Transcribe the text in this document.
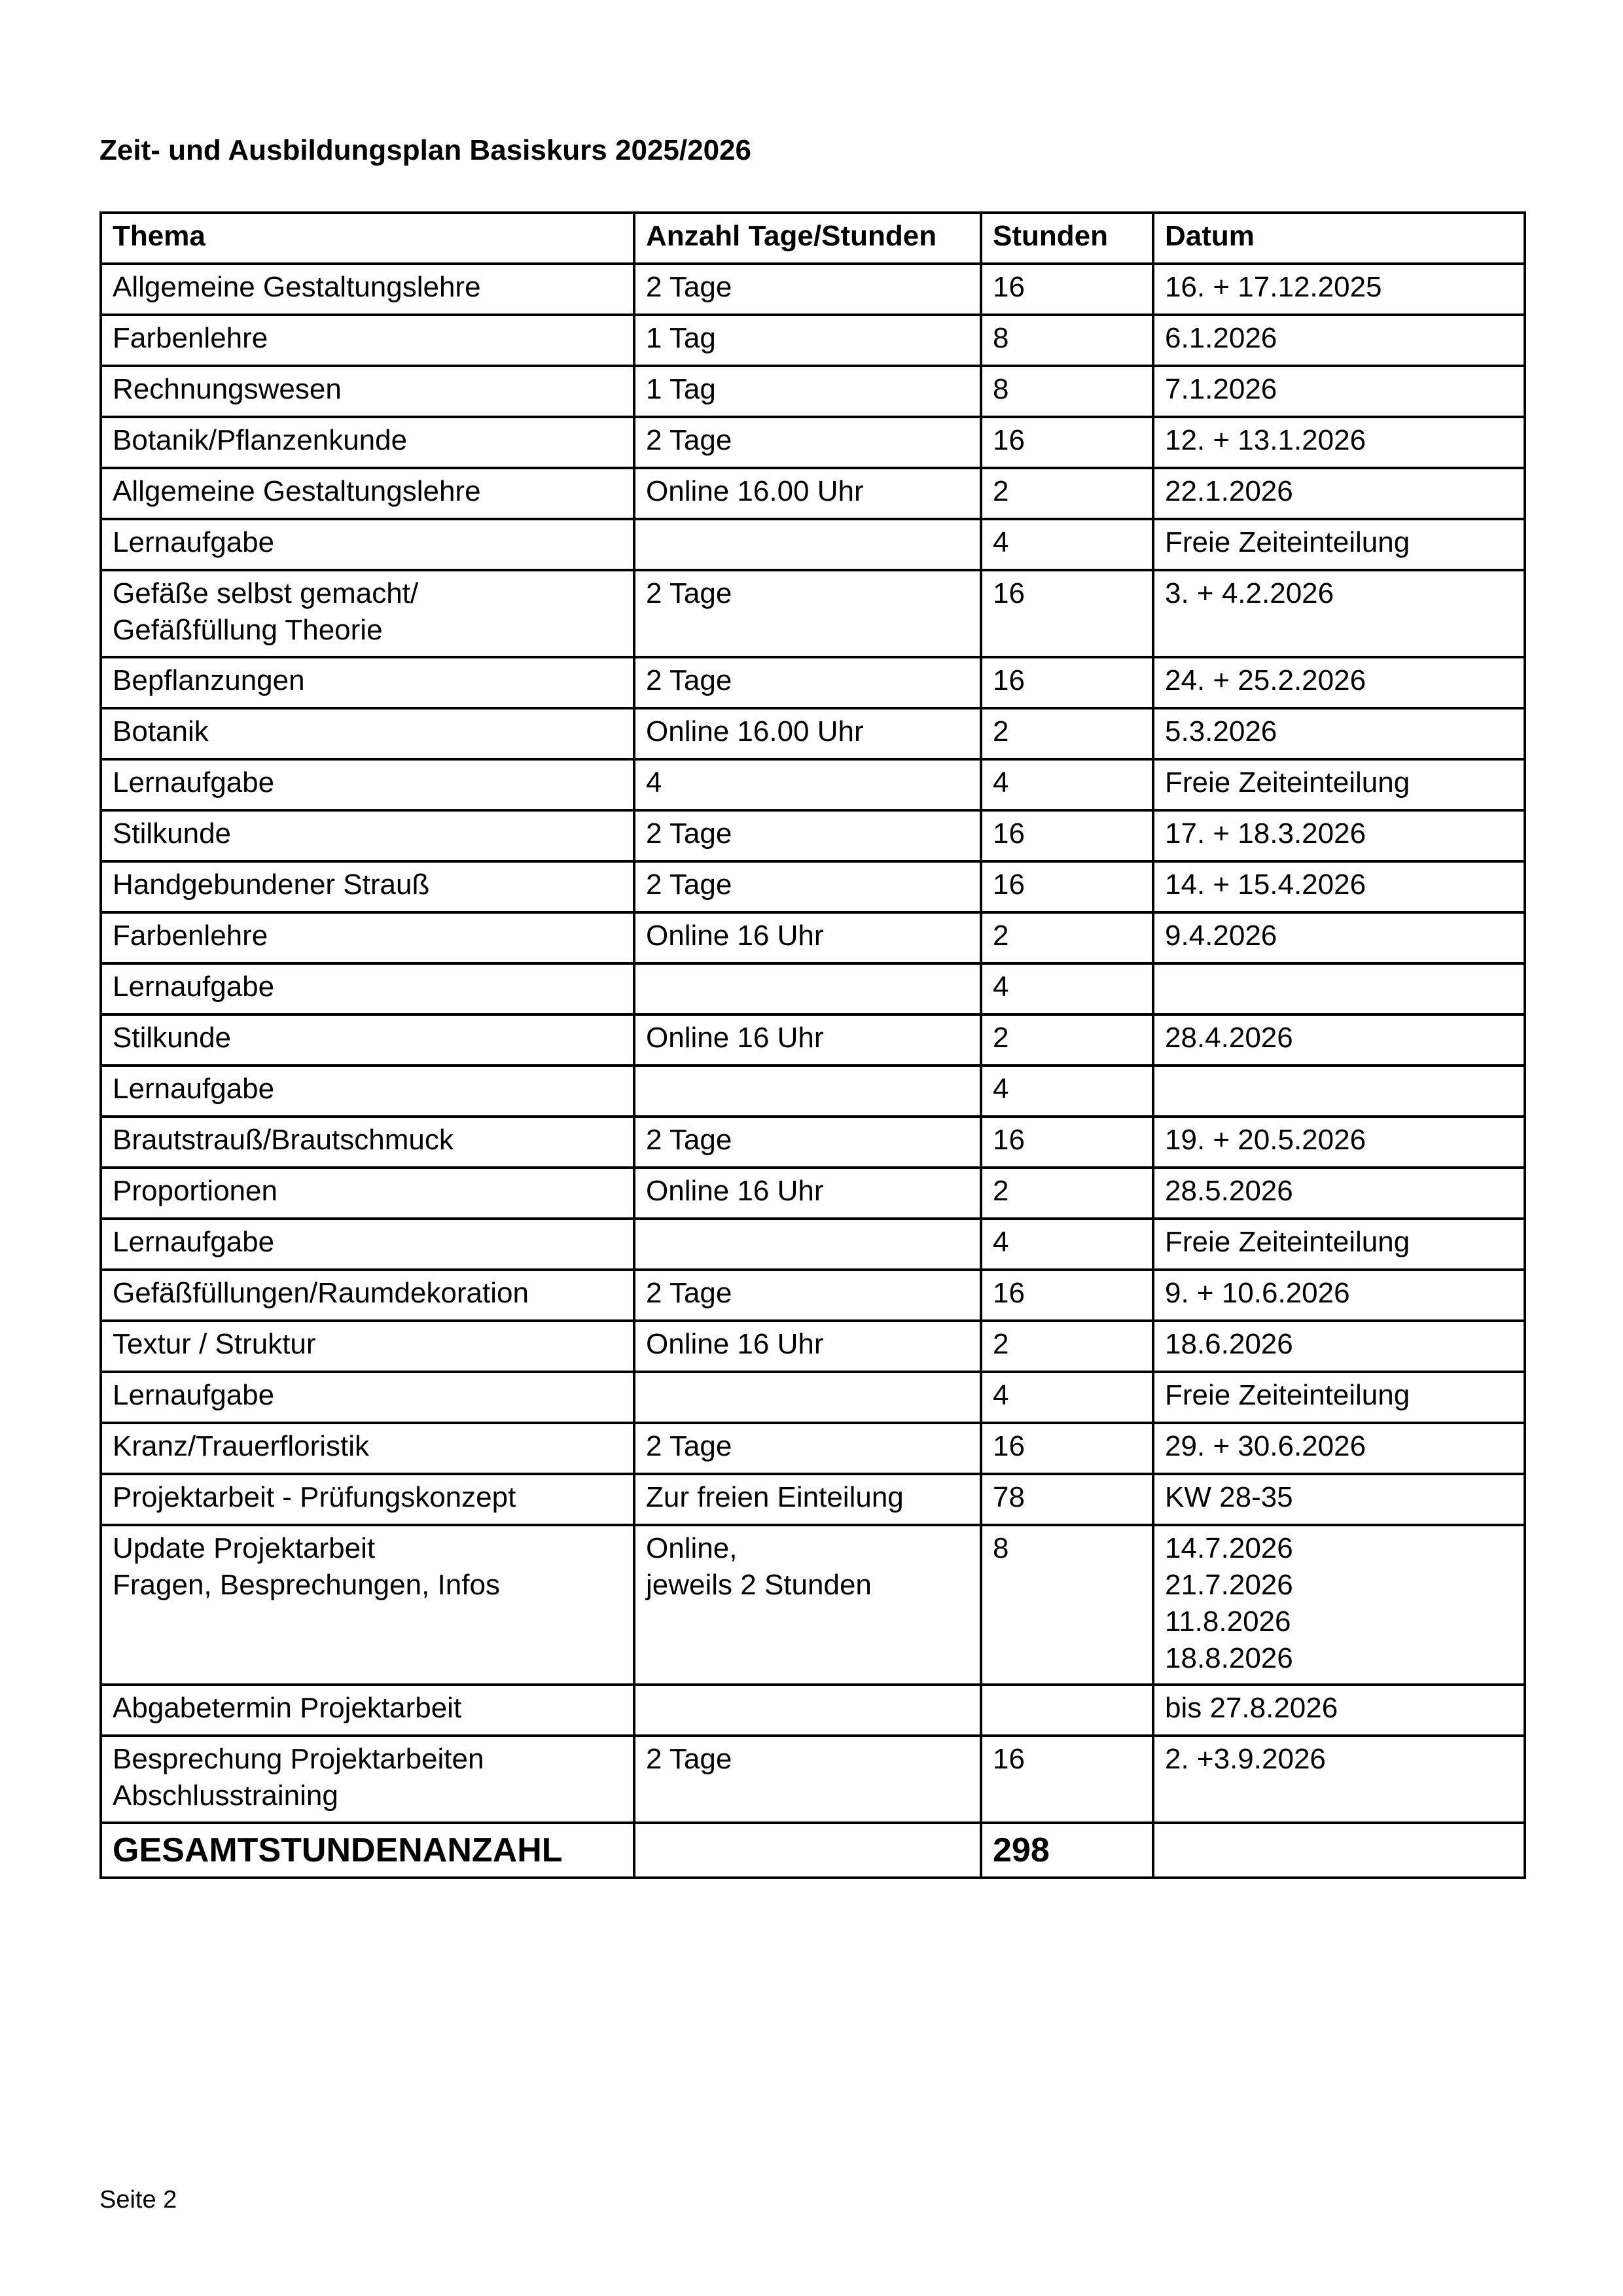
Zeit- und Ausbildungsplan Basiskurs 2025/2026
Thema	Anzahl Tage/Stunden	Stunden	Datum

Allgemeine Gestaltungslehre	2 Tage	16	16. + 17.12.2025

Farbenlehre	1 Tag	8	6.1.2026

Rechnungswesen	1 Tag	8	7.1.2026

Botanik/Pflanzenkunde	2 Tage	16	12. + 13.1.2026

Allgemeine Gestaltungslehre	Online 16.00 Uhr	2	22.1.2026

Lernaufgabe		4	Freie Zeiteinteilung

Gefäße selbst gemacht/
Gefäßfüllung Theorie	2 Tage	16	3. + 4.2.2026

Bepflanzungen	2 Tage	16	24. + 25.2.2026

Botanik	Online 16.00 Uhr	2	5.3.2026

Lernaufgabe	4	4	Freie Zeiteinteilung

Stilkunde	2 Tage	16	17. + 18.3.2026

Handgebundener Strauß	2 Tage	16	14. + 15.4.2026

Farbenlehre	Online 16 Uhr	2	9.4.2026

Lernaufgabe		4	

Stilkunde	Online 16 Uhr	2	28.4.2026

Lernaufgabe		4	

Brautstrauß/Brautschmuck	2 Tage	16	19. + 20.5.2026

Proportionen	Online 16 Uhr	2	28.5.2026

Lernaufgabe		4	Freie Zeiteinteilung

Gefäßfüllungen/Raumdekoration	2 Tage	16	9. + 10.6.2026

Textur / Struktur	Online 16 Uhr	2	18.6.2026

Lernaufgabe		4	Freie Zeiteinteilung

Kranz/Trauerfloristik	2 Tage	16	29. + 30.6.2026

Projektarbeit - Prüfungskonzept	Zur freien Einteilung	78	KW 28-35

Update Projektarbeit
Fragen, Besprechungen, Infos	Online,
jeweils 2 Stunden	8	14.7.2026
21.7.2026
11.8.2026
18.8.2026

Abgabetermin Projektarbeit			bis 27.8.2026

Besprechung Projektarbeiten
Abschlusstraining	2 Tage	16	2. +3.9.2026

GESAMTSTUNDENANZAHL		298	
Seite 2
